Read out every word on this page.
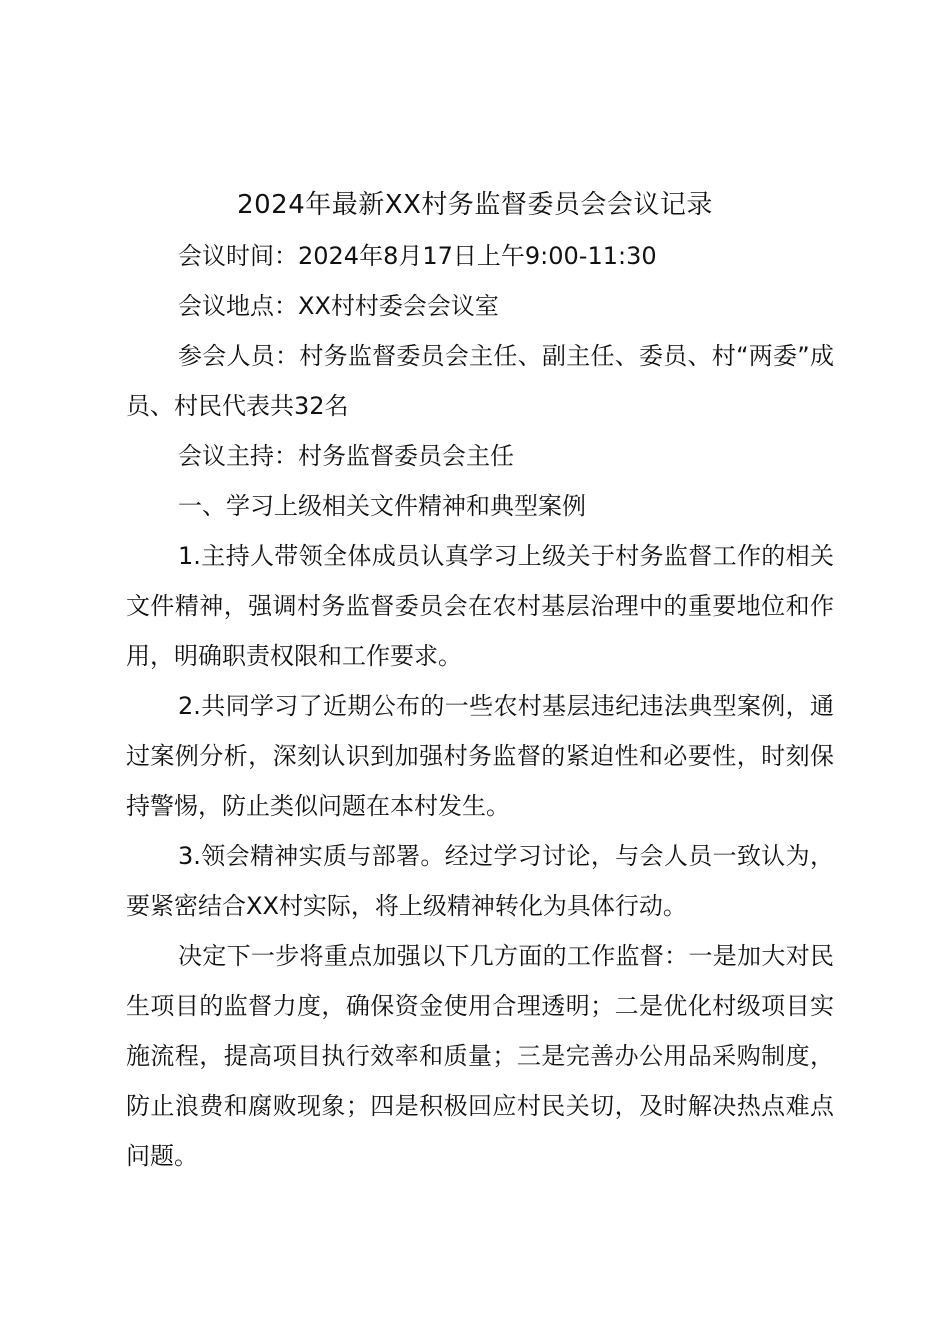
2024年最新XX村务监督委员会会议记录

会议时间：2024年8月17日上午9:00-11:30

会议地点：XX村村委会会议室

参会人员：村务监督委员会主任、副主任、委员、村“两委”成员、村民代表共32名

会议主持：村务监督委员会主任

一、学习上级相关文件精神和典型案例

1.主持人带领全体成员认真学习上级关于村务监督工作的相关文件精神，强调村务监督委员会在农村基层治理中的重要地位和作用，明确职责权限和工作要求。

2.共同学习了近期公布的一些农村基层违纪违法典型案例，通过案例分析，深刻认识到加强村务监督的紧迫性和必要性，时刻保持警惕，防止类似问题在本村发生。

3.领会精神实质与部署。经过学习讨论，与会人员一致认为，要紧密结合XX村实际，将上级精神转化为具体行动。

决定下一步将重点加强以下几方面的工作监督：一是加大对民生项目的监督力度，确保资金使用合理透明；二是优化村级项目实施流程，提高项目执行效率和质量；三是完善办公用品采购制度，防止浪费和腐败现象；四是积极回应村民关切，及时解决热点难点问题。
